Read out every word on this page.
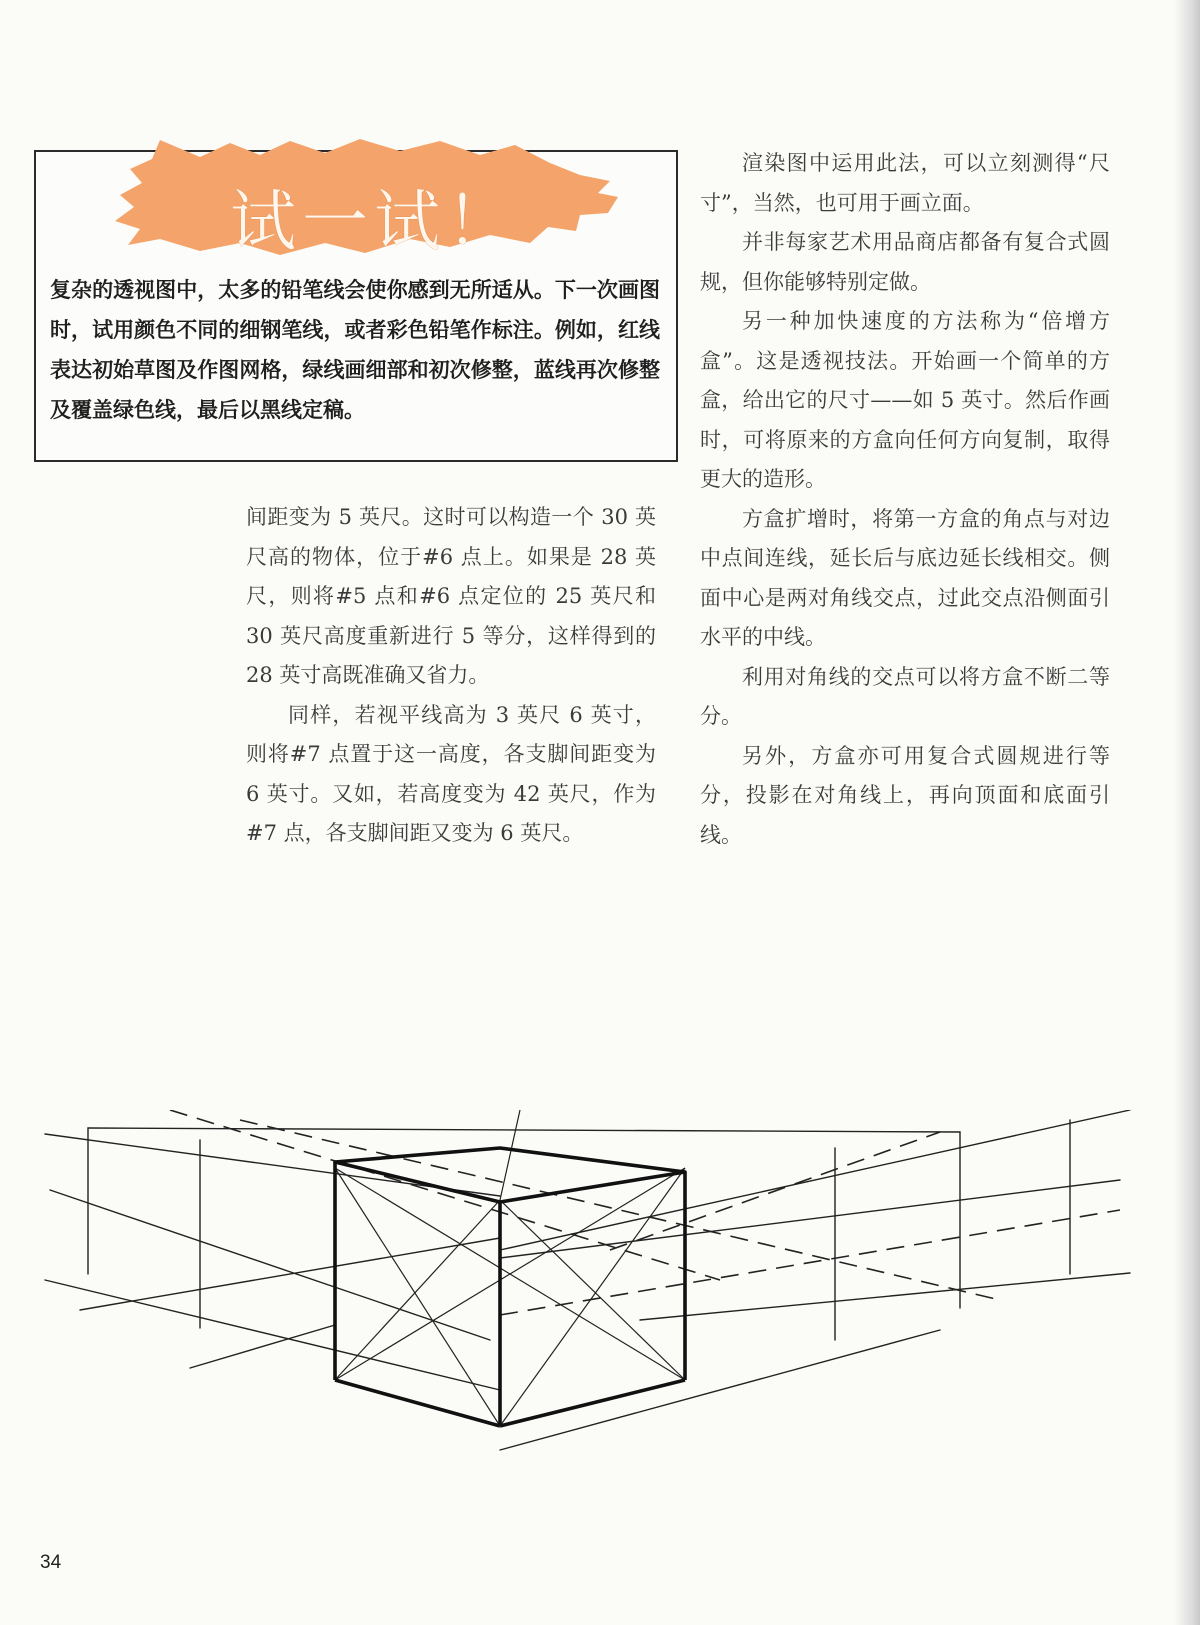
试一试！

复杂的透视图中，太多的铅笔线会使你感到无所适从。下一次画图时，试用颜色不同的细钢笔线，或者彩色铅笔作标注。例如，红线表达初始草图及作图网格，绿线画细部和初次修整，蓝线再次修整及覆盖绿色线，最后以黑线定稿。

间距变为 5 英尺。这时可以构造一个 30 英尺高的物体，位于#6 点上。如果是 28 英尺，则将#5 点和#6 点定位的 25 英尺和 30 英尺高度重新进行 5 等分，这样得到的 28 英寸高既准确又省力。

同样，若视平线高为 3 英尺 6 英寸，则将#7 点置于这一高度，各支脚间距变为 6 英寸。又如，若高度变为 42 英尺，作为#7 点，各支脚间距又变为 6 英尺。

渲染图中运用此法，可以立刻测得“尺寸”，当然，也可用于画立面。

并非每家艺术用品商店都备有复合式圆规，但你能够特别定做。

另一种加快速度的方法称为“倍增方盒”。这是透视技法。开始画一个简单的方盒，给出它的尺寸——如 5 英寸。然后作画时，可将原来的方盒向任何方向复制，取得更大的造形。

方盒扩增时，将第一方盒的角点与对边中点间连线，延长后与底边延长线相交。侧面中心是两对角线交点，过此交点沿侧面引水平的中线。

利用对角线的交点可以将方盒不断二等分。

另外，方盒亦可用复合式圆规进行等分，投影在对角线上，再向顶面和底面引线。

34
